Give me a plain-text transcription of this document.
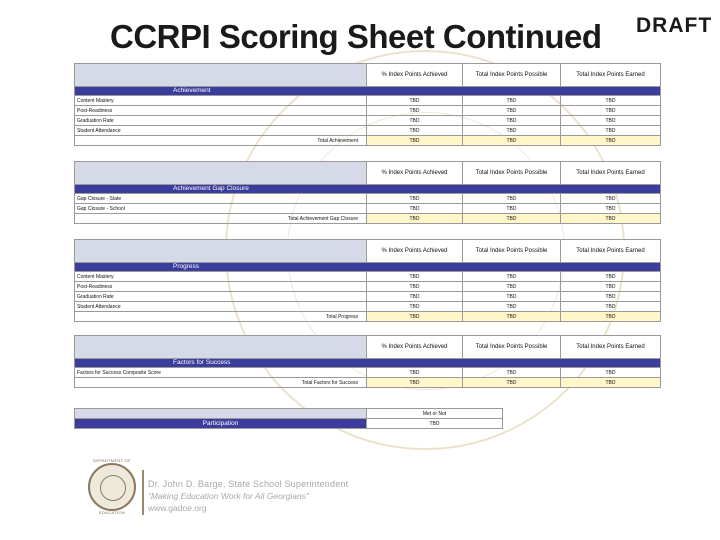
CCRPI Scoring Sheet Continued DRAFT
	% Index Points Achieved	Total Index Points Possible	Total Index Points Earned
Achievement			
Content Mastery	TBD	TBD	TBD
Post-Readiness	TBD	TBD	TBD
Graduation Rate	TBD	TBD	TBD
Student Attendance	TBD	TBD	TBD
Total Achievement	TBD	TBD	TBD
	% Index Points Achieved	Total Index Points Possible	Total Index Points Earned
Achievement Gap Closure			
Gap Closure - State	TBD	TBD	TBD
Gap Closure - School	TBD	TBD	TBD
Total Achievement Gap Closure	TBD	TBD	TBD
	% Index Points Achieved	Total Index Points Possible	Total Index Points Earned
Progress			
Content Mastery	TBD	TBD	TBD
Post-Readiness	TBD	TBD	TBD
Graduation Rate	TBD	TBD	TBD
Student Attendance	TBD	TBD	TBD
Total Progress	TBD	TBD	TBD
	% Index Points Achieved	Total Index Points Possible	Total Index Points Earned
Factors for Success			
Factors for Success Composite Score	TBD	TBD	TBD
Total Factors for Success	TBD	TBD	TBD
	Met or Not
Participation	TBD
DEPARTMENT OF
EDUCATION
Dr. John D. Barge, State School Superintendent
“Making Education Work for All Georgians”
www.gadoe.org
